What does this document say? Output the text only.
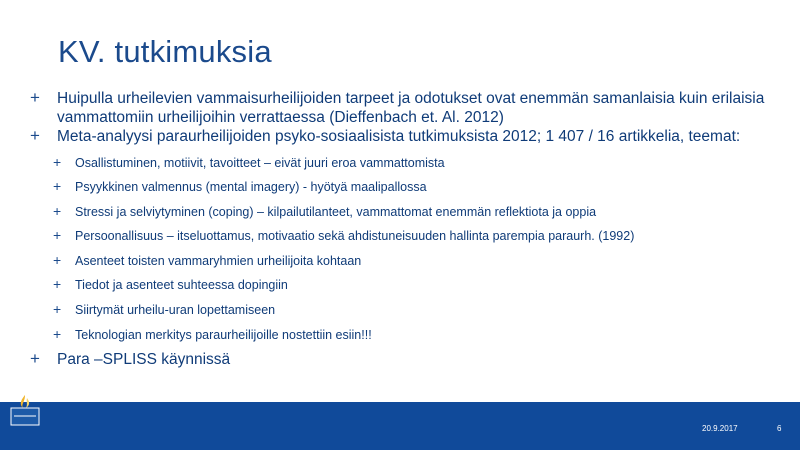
KV. tutkimuksia
+ Huipulla urheilevien vammaisurheilijoiden tarpeet ja odotukset ovat enemmän samanlaisia kuin erilaisia vammattomiin urheilijoihin verrattaessa (Dieffenbach et. Al. 2012)
+ Meta-analyysi paraurheilijoiden psyko-sosiaalisista tutkimuksista 2012; 1 407 / 16 artikkelia, teemat:
+ Osallistuminen, motiivit, tavoitteet – eivät juuri eroa vammattomista
+ Psyykkinen valmennus (mental imagery) - hyötyä maalipallossa
+ Stressi ja selviytyminen (coping) – kilpailutilanteet, vammattomat enemmän reflektiota ja oppia
+ Persoonallisuus – itseluottamus, motivaatio sekä ahdistuneisuuden hallinta parempia paraurh. (1992)
+ Asenteet toisten vammaryhmien urheilijoita kohtaan
+ Tiedot ja asenteet suhteessa dopingiin
+ Siirtymät urheilu-uran lopettamiseen
+ Teknologian merkitys paraurheilijoille nostettiin esiin!!!
+ Para –SPLISS käynnissä
20.9.2017	6
